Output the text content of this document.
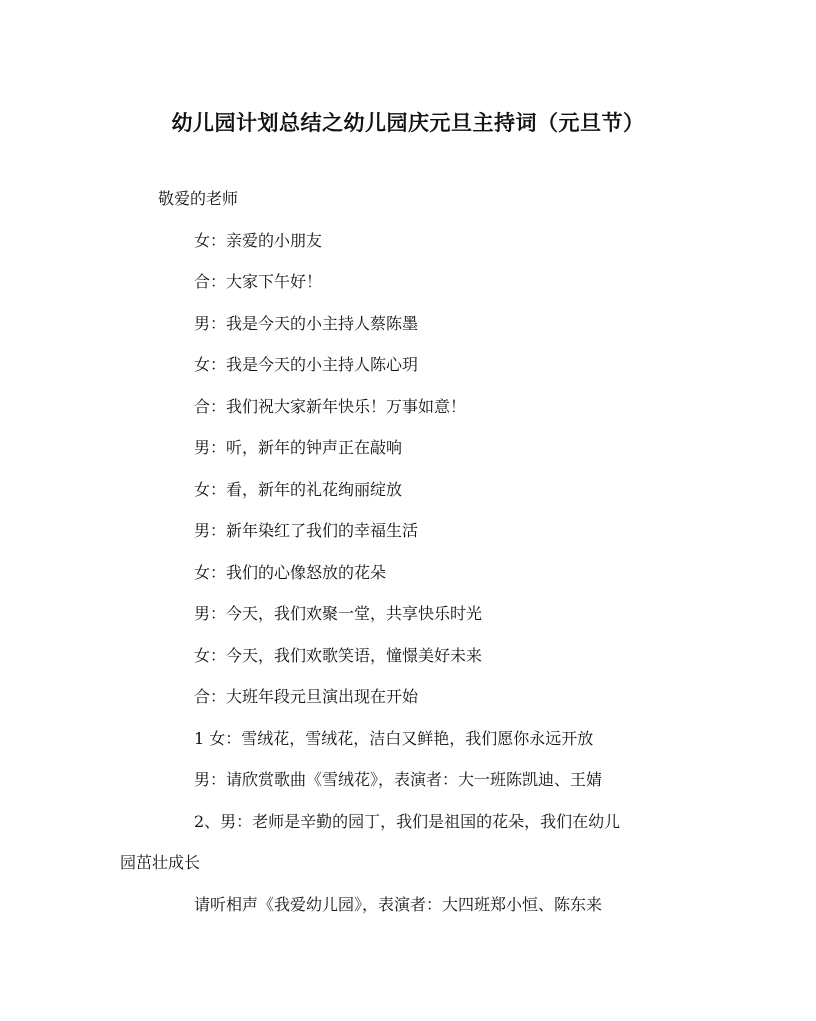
幼儿园计划总结之幼儿园庆元旦主持词（元旦节）
敬爱的老师
女：亲爱的小朋友
合：大家下午好！
男：我是今天的小主持人蔡陈墨
女：我是今天的小主持人陈心玥
合：我们祝大家新年快乐！万事如意！
男：听，新年的钟声正在敲响
女：看，新年的礼花绚丽绽放
男：新年染红了我们的幸福生活
女：我们的心像怒放的花朵
男：今天，我们欢聚一堂，共享快乐时光
女：今天，我们欢歌笑语，憧憬美好未来
合：大班年段元旦演出现在开始
1 女：雪绒花，雪绒花，洁白又鲜艳，我们愿你永远开放
男：请欣赏歌曲《雪绒花》，表演者：大一班陈凯迪、王婧
2、男：老师是辛勤的园丁，我们是祖国的花朵，我们在幼儿
园茁壮成长
请听相声《我爱幼儿园》，表演者：大四班郑小恒、陈东来
